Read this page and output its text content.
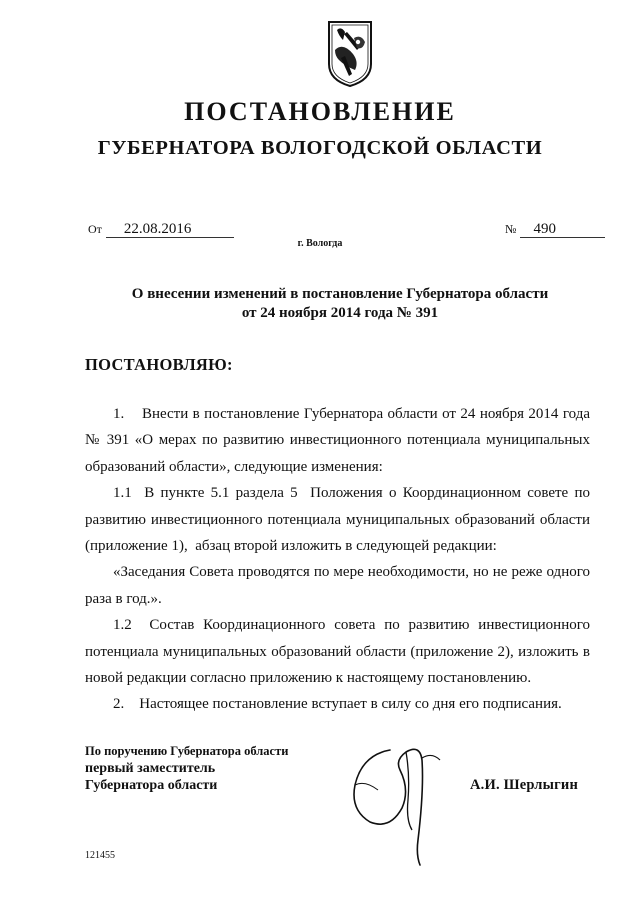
ПОСТАНОВЛЕНИЕ
ГУБЕРНАТОРА ВОЛОГОДСКОЙ ОБЛАСТИ
От 22.08.2016	№ 490
г. Вологда
О внесении изменений в постановление Губернатора области
от 24 ноября 2014 года № 391
ПОСТАНОВЛЯЮ:

1.    Внести в постановление Губернатора области от 24 ноября 2014 года № 391 «О мерах по развитию инвестиционного потенциала муниципальных образований области», следующие изменения:

1.1  В пункте 5.1 раздела 5  Положения о Координационном совете по развитию инвестиционного потенциала муниципальных образований области (приложение 1),  абзац второй изложить в следующей редакции:

«Заседания Совета проводятся по мере необходимости, но не реже одного раза в год.».

1.2  Состав Координационного совета по развитию инвестиционного потенциала муниципальных образований области (приложение 2), изложить в новой редакции согласно приложению к настоящему постановлению.

2.    Настоящее постановление вступает в силу со дня его подписания.

По поручению Губернатора области
первый заместитель
Губернатора области	А.И. Шерлыгин
121455
